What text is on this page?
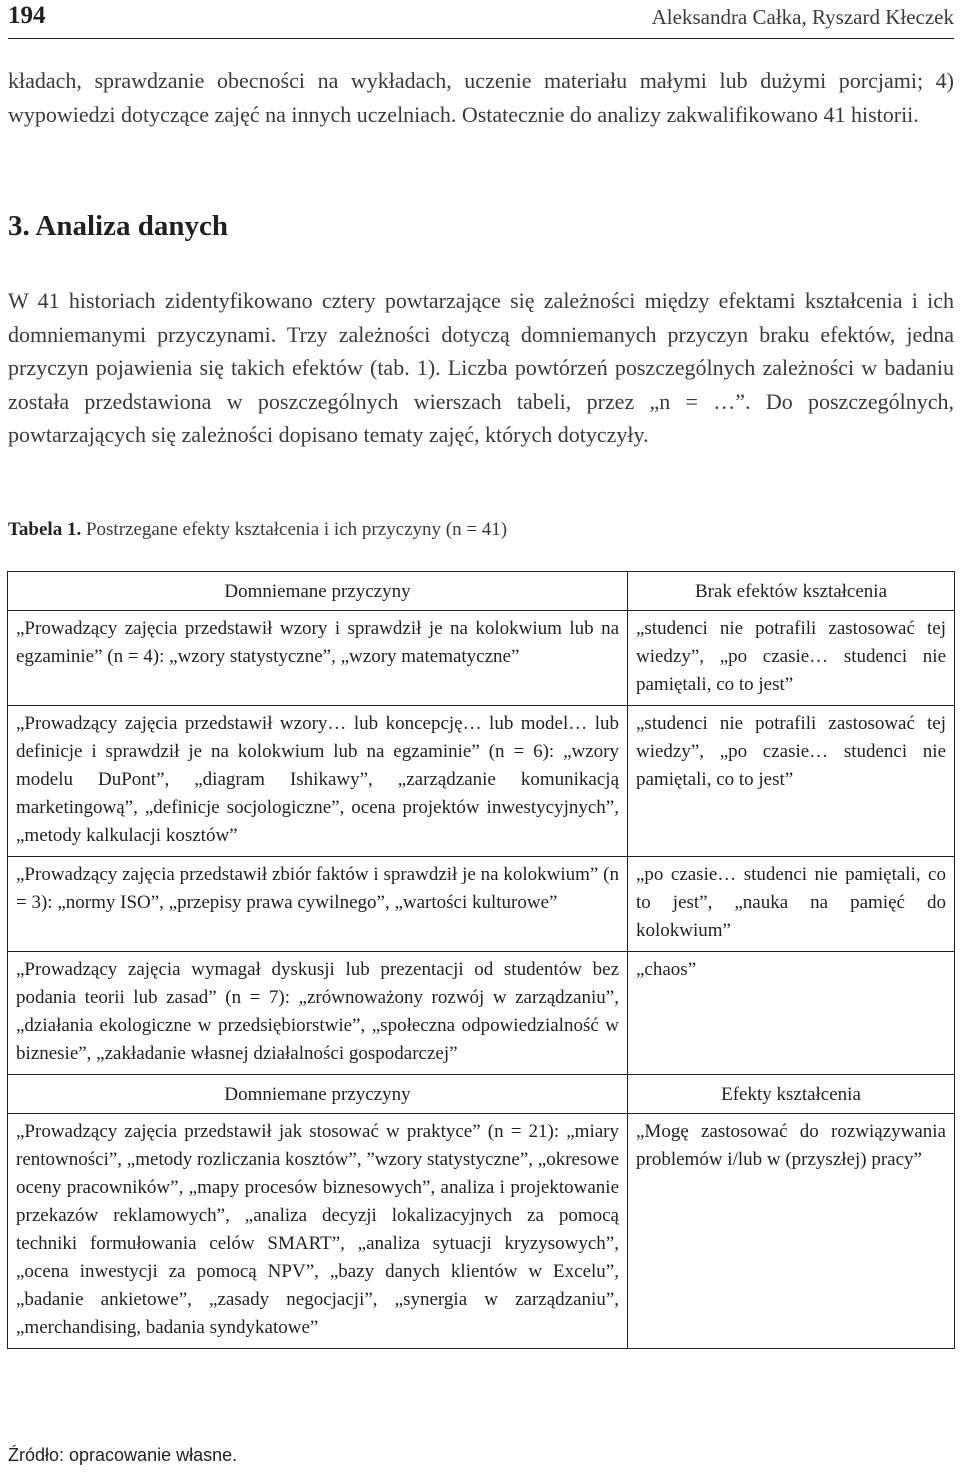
194	Aleksandra Całka, Ryszard Kłeczek

kładach, sprawdzanie obecności na wykładach, uczenie materiału małymi lub dużymi porcjami; 4) wypowiedzi dotyczące zajęć na innych uczelniach. Ostatecznie do analizy zakwalifikowano 41 historii.

3. Analiza danych

W 41 historiach zidentyfikowano cztery powtarzające się zależności między efektami kształcenia i ich domniemanymi przyczynami. Trzy zależności dotyczą domniemanych przyczyn braku efektów, jedna przyczyn pojawienia się takich efektów (tab. 1). Liczba powtórzeń poszczególnych zależności w badaniu została przedstawiona w poszczególnych wierszach tabeli, przez „n = …”. Do poszczególnych, powtarzających się zależności dopisano tematy zajęć, których dotyczyły.

Tabela 1. Postrzegane efekty kształcenia i ich przyczyny (n = 41)
Domniemane przyczyny	Brak efektów kształcenia
„Prowadzący zajęcia przedstawił wzory i sprawdził je na kolokwium lub na egzaminie” (n = 4): „wzory statystyczne”, „wzory matematyczne”	„studenci nie potrafili zastosować tej wiedzy”, „po czasie… studenci nie pamiętali, co to jest”
„Prowadzący zajęcia przedstawił wzory… lub koncepcję… lub model… lub definicje i sprawdził je na kolokwium lub na egzaminie” (n = 6): „wzory modelu DuPont”, „diagram Ishikawy”, „zarządzanie komunikacją marketingową”, „definicje socjologiczne”, ocena projektów inwestycyjnych”, „metody kalkulacji kosztów”	„studenci nie potrafili zastosować tej wiedzy”, „po czasie… studenci nie pamiętali, co to jest”
„Prowadzący zajęcia przedstawił zbiór faktów i sprawdził je na kolokwium” (n = 3): „normy ISO”, „przepisy prawa cywilnego”, „wartości kulturowe”	„po czasie… studenci nie pamiętali, co to jest”, „nauka na pamięć do kolokwium”
„Prowadzący zajęcia wymagał dyskusji lub prezentacji od studentów bez podania teorii lub zasad” (n = 7): „zrównoważony rozwój w zarządzaniu”, „działania ekologiczne w przedsiębiorstwie”, „społeczna odpowiedzialność w biznesie”, „zakładanie własnej działalności gospodarczej”	„chaos”
Domniemane przyczyny	Efekty kształcenia
„Prowadzący zajęcia przedstawił jak stosować w praktyce” (n = 21): „miary rentowności”, „metody rozliczania kosztów”, ”wzory statystyczne”, „okresowe oceny pracowników”, „mapy procesów biznesowych”, analiza i projektowanie przekazów reklamowych”, „analiza decyzji lokalizacyjnych za pomocą techniki formułowania celów SMART”, „analiza sytuacji kryzysowych”, „ocena inwestycji za pomocą NPV”, „bazy danych klientów w Excelu”, „badanie ankietowe”, „zasady negocjacji”, „synergia w zarządzaniu”, „merchandising, badania syndykatowe”	„Mogę zastosować do rozwiązywania problemów i/lub w (przyszłej) pracy”
Źródło: opracowanie własne.
